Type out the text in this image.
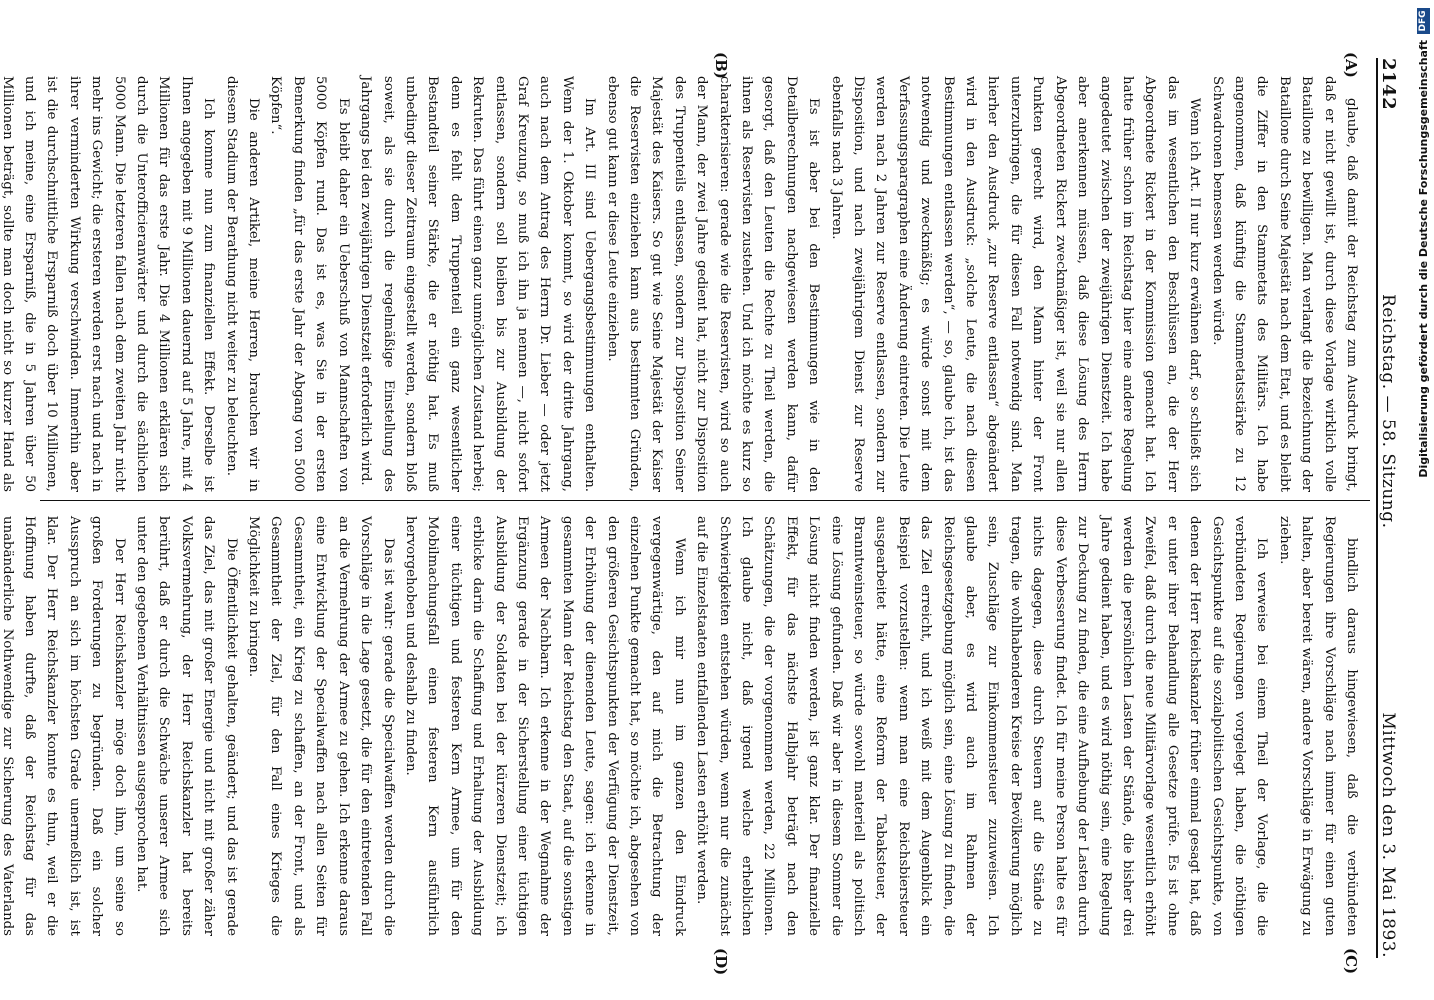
2142
Reichstag. — 58. Sitzung.
Mittwoch den 3. Mai 1893.
(A)
(B)
(C)
(D)

glaube, daß damit der Reichstag zum Ausdruck bringt, daß er nicht gewillt ist, durch diese Vorlage wirklich volle Bataillone zu bewilligen. Man verlangt die Bezeichnung der Bataillone durch Seine Majestät nach dem Etat, und es bleibt die Ziffer in den Stammetats des Militärs. Ich habe angenommen, daß künftig die Stammetatsstärke zu 12 Schwadronen bemessen werden würde.

Wenn ich Art. II nur kurz erwähnen darf, so schließt sich das im wesentlichen den Beschlüssen an, die der Herr Abgeordnete Rickert in der Kommission gemacht hat. Ich hatte früher schon im Reichstag hier eine andere Regelung angedeutet zwischen der zweijährigen Dienstzeit. Ich habe aber anerkennen müssen, daß diese Lösung des Herrn Abgeordneten Rickert zweckmäßiger ist, weil sie nur allen Punkten gerecht wird, den Mann hinter der Front unterzubringen, die für diesen Fall notwendig sind. Man hierher den Ausdruck „zur Reserve entlassen“ abgeändert wird in den Ausdruck: „solche Leute, die nach diesen Bestimmungen entlassen werden“, — so, glaube ich, ist das notwendig und zweckmäßig; es würde sonst mit dem Verfassungsparagraphen eine Änderung eintreten. Die Leute werden nach 2 Jahren zur Reserve entlassen, sondern zur Disposition, und nach zweijährigem Dienst zur Reserve ebenfalls nach 3 Jahren.

Es ist aber bei den Bestimmungen wie in den Detailberechnungen nachgewiesen werden kann, dafür gesorgt, daß den Leuten die Rechte zu Theil werden, die ihnen als Reservisten zustehen. Und ich möchte es kurz so charakterisieren: gerade wie die Reservisten, wird so auch der Mann, der zwei Jahre gedient hat, nicht zur Disposition des Truppenteils entlassen, sondern zur Disposition Seiner Majestät des Kaisers. So gut wie Seine Majestät der Kaiser die Reservisten einziehen kann aus bestimmten Gründen, ebenso gut kann er diese Leute einziehen.

Im Art. III sind Uebergangsbestimmungen enthalten. Wenn der 1. Oktober kommt, so wird der dritte Jahrgang, auch nach dem Antrag des Herrn Dr. Lieber — oder jetzt Graf Kreuzung, so muß ich ihn ja nennen —, nicht sofort entlassen, sondern soll bleiben bis zur Ausbildung der Rekruten. Das führt einen ganz unmöglichen Zustand herbei; denn es fehlt dem Truppenteil ein ganz wesentlicher Bestandteil seiner Stärke, die er nöthig hat. Es muß unbedingt dieser Zeitraum eingestellt werden, sondern bloß soweit, als sie durch die regelmäßige Einstellung des Jahrgangs bei den zweijährigen Dienstzeit erforderlich wird.

Es bleibt daher ein Ueberschuß von Mannschaften von 5000 Köpfen rund. Das ist es, was Sie in der ersten Bemerkung finden „für das erste Jahr der Abgang von 5000 Köpfen“.

Die anderen Artikel, meine Herren, brauchen wir in diesem Stadium der Berathung nicht weiter zu beleuchten.

Ich komme nun zum finanziellen Effekt. Derselbe ist Ihnen angegeben mit 9 Millionen dauernd auf 5 Jahre, mit 4 Millionen für das erste Jahr. Die 4 Millionen erklären sich durch die Unterofficieranwärter und durch die sächlichen 5000 Mann. Die letzteren fallen nach dem zweiten Jahr nicht mehr ins Gewicht; die ersteren werden erst nach und nach in ihrer verminderten Wirkung verschwinden. Immerhin aber ist die durchschnittliche Ersparniß doch über 10 Millionen, und ich meine, eine Ersparniß, die in 5 Jahren über 50 Millionen beträgt, sollte man doch nicht so kurzer Hand als

bindlich daraus hingewiesen, daß die verbündeten Regierungen ihre Vorschläge nach immer für einen guten halten, aber bereit wären, andere Vorschläge in Erwägung zu ziehen.

Ich verweise bei einem Theil der Vorlage, die die verbündeten Regierungen vorgelegt haben, die nöthigen Gesichtspunkte auf die sozialpolitischen Gesichtspunkte, von denen der Herr Reichskanzler früher einmal gesagt hat, daß er unter ihrer Behandlung alle Gesetze prüfe. Es ist ohne Zweifel, daß durch die neue Militärvorlage wesentlich erhöht werden die persönlichen Lasten der Stände, die bisher drei Jahre gedient haben, und es wird nöthig sein, eine Regelung zur Deckung zu finden, die eine Aufhebung der Lasten durch diese Verbesserung findet. Ich für meine Person halte es für nichts dagegen, diese durch Steuern auf die Stände zu tragen, die wohlhabenderen Kreise der Bevölkerung möglich sein, Zuschläge zur Einkommensteuer zuzuweisen. Ich glaube aber, es wird auch im Rahmen der Reichsgesetzgebung möglich sein, eine Lösung zu finden, die das Ziel erreicht, und ich weiß mit dem Augenblick ein Beispiel vorzustellen: wenn man eine Reichsbiersteuer ausgearbeitet hätte, eine Reform der Tabaksteuer, der Branntweinsteuer, so würde sowohl materiell als politisch eine Lösung gefunden. Daß wir aber in diesem Sommer die Lösung nicht finden werden, ist ganz klar. Der finanzielle Effekt, für das nächste Halbjahr beträgt nach den Schätzungen, die der vorgenommen werden, 22 Millionen. Ich glaube nicht, daß irgend welche erheblichen Schwierigkeiten entstehen würden, wenn nur die zunächst auf die Einzelstaaten entfallenden Lasten erhöht werden.

Wenn ich mir nun im ganzen den Eindruck vergegenwärtige, den auf mich die Betrachtung der einzelnen Punkte gemacht hat, so möchte ich, abgesehen von den größeren Gesichtspunkten der Verfügung der Dienstzeit, der Erhöhung der dienenden Leute, sagen: ich erkenne in gesammten Mann der Reichstag den Staat, auf die sonstigen Armeen der Nachbarn. Ich erkenne in der Wegnahme der Ergänzung gerade in der Sicherstellung einer tüchtigen Ausbildung der Soldaten bei der kürzeren Dienstzeit; ich erblicke darin die Schaffung und Erhaltung der Ausbildung einer tüchtigen und festeren Kern Armee, um für den Mobilmachungsfall einen festeren Kern ausführlich hervorgehoben und deshalb zu finden.

Das ist wahr: gerade die Specialwaffen werden durch die Vorschläge in die Lage gesetzt, die für den eintretenden Fall an die Vermehrung der Armee zu gehen. Ich erkenne daraus eine Entwicklung der Specialwaffen nach allen Seiten für Gesammtheit, ein Krieg zu schaffen, an der Front, und als Gesammtheit der Ziel, für den Fall eines Krieges die Möglichkeit zu bringen.

Die Öffentlichkeit gehalten, geändert; und das ist gerade das Ziel, das mit großer Energie und nicht mit großer zäher Volksvermehrung, der Herr Reichskanzler hat bereits berührt, daß er durch die Schwäche unserer Armee sich unter den gegebenen Verhältnissen ausgesprochen hat.

Der Herr Reichskanzler möge doch ihm, um seine so großen Forderungen zu begründen. Daß ein solcher Ausspruch an sich im höchsten Grade unermeßlich ist, ist klar. Der Herr Reichskanzler konnte es thun, weil er die Hoffnung haben durfte, daß der Reichstag für das unabänderliche Nothwendige zur Sicherung des Vaterlands

Digitalisierung gefördert durch die Deutsche Forschungsgemeinschaft
DFG
